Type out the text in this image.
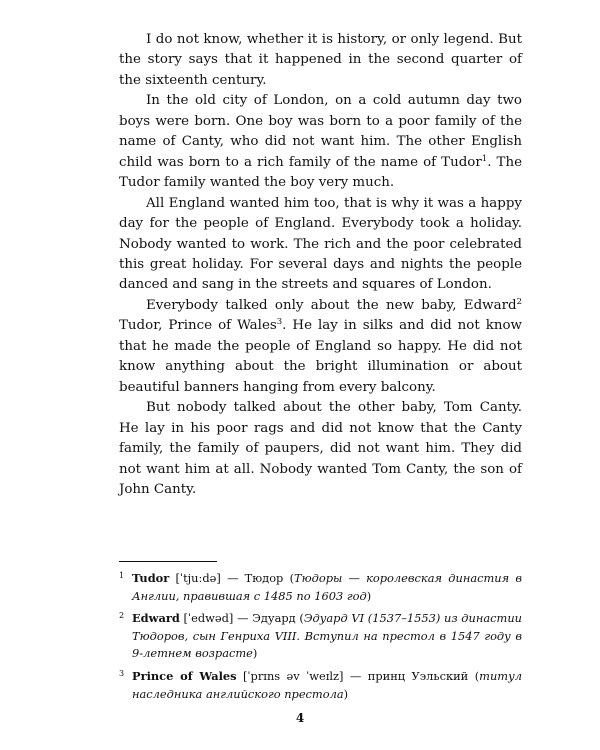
I do not know, whether it is history, or only legend. But the story says that it happened in the second quarter of the sixteenth century.

In the old city of London, on a cold autumn day two boys were born. One boy was born to a poor family of the name of Canty, who did not want him. The other English child was born to a rich family of the name of Tudor$^1$. The Tudor family wanted the boy very much.

All England wanted him too, that is why it was a happy day for the people of England. Everybody took a holiday. Nobody wanted to work. The rich and the poor celebrated this great holiday. For several days and nights the people danced and sang in the streets and squares of London.

Everybody talked only about the new baby, Edward$^2$ Tudor, Prince of Wales$^3$. He lay in silks and did not know that he made the people of England so happy. He did not know anything about the bright illumination or about beautiful banners hanging from every balcony.

But nobody talked about the other baby, Tom Canty. He lay in his poor rags and did not know that the Canty family, the family of paupers, did not want him. They did not want him at all. Nobody wanted Tom Canty, the son of John Canty.

1 Tudor [ˈtjuːdə] — Тюдор (Тюдоры — королевская династия в Англии, правившая с 1485 по 1603 год)
2 Edward [ˈedwəd] — Эдуард (Эдуард VI (1537–1553) из династии Тюдоров, сын Генриха VIII. Вступил на престол в 1547 году в 9-летнем возрасте)
3 Prince of Wales [ˈprɪns əv ˈweɪlz] — принц Уэльский (титул наследника английского престола)
4
